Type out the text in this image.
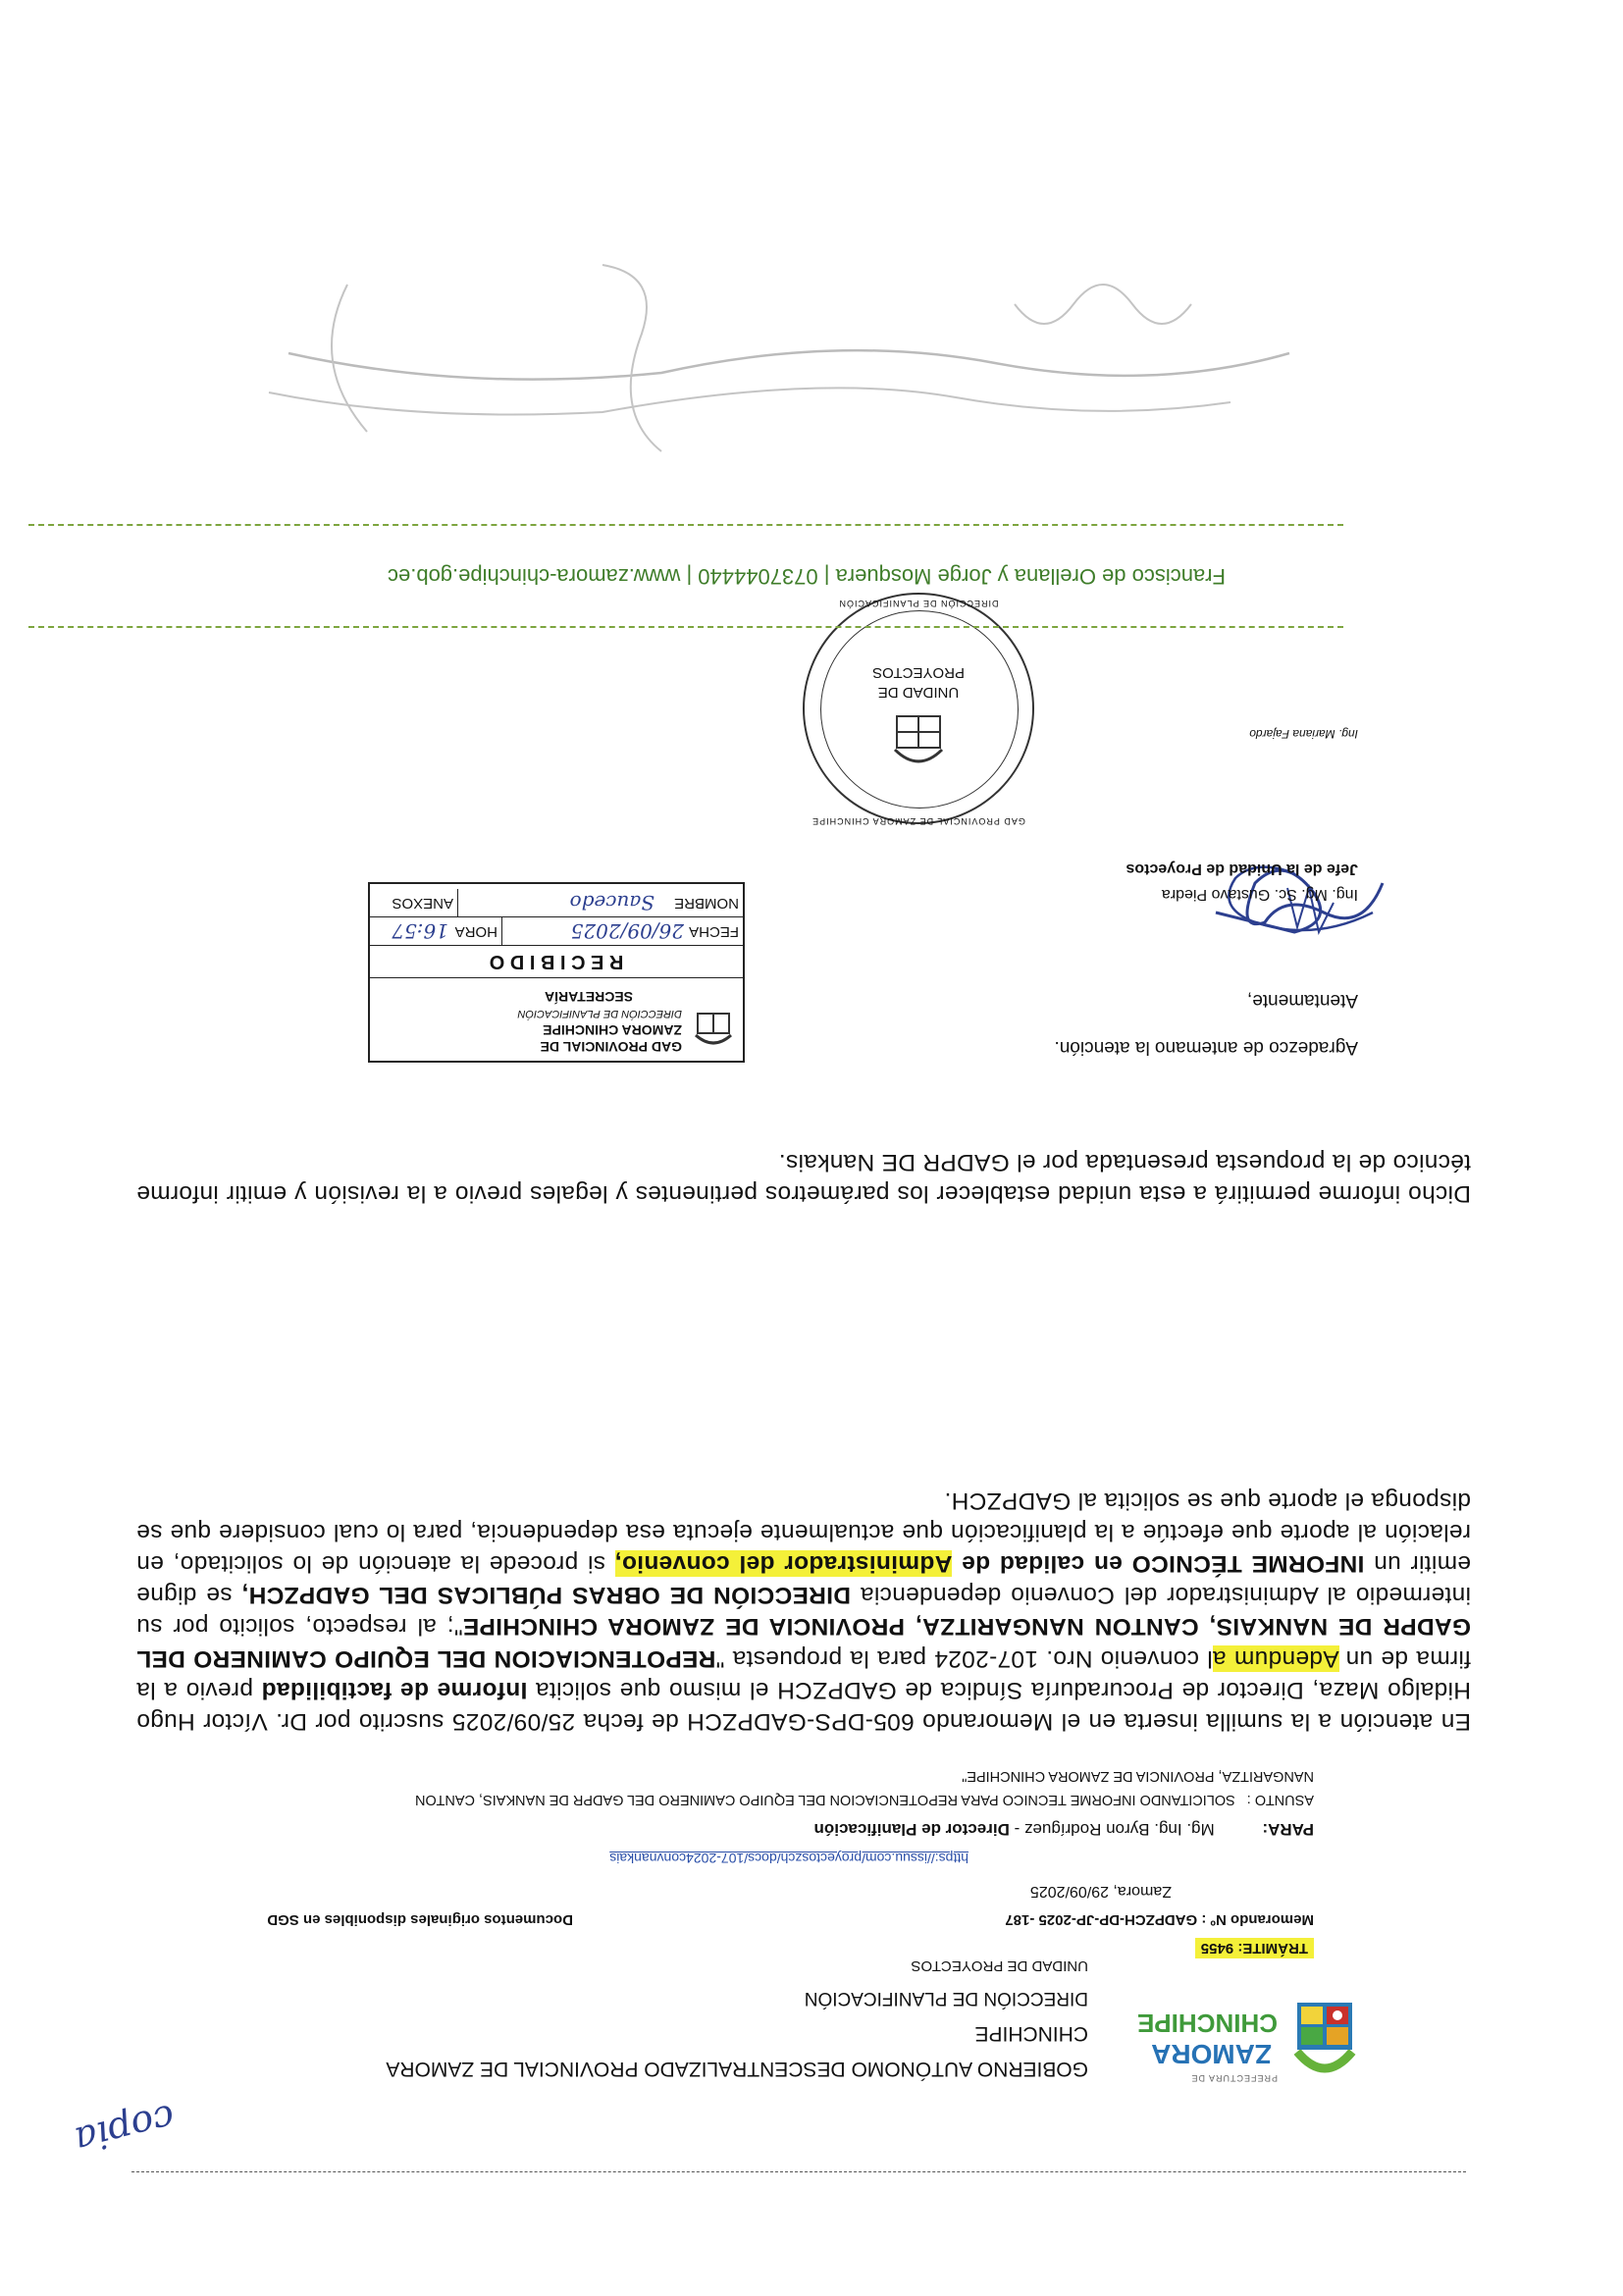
PREFECTURA DE
ZAMORA
CHINCHIPE
copia
GOBIERNO AUTÓNOMO DESCENTRALIZADO PROVINCIAL DE ZAMORA
CHINCHIPE
DIRECCIÓN DE PLANIFICACIÓN
UNIDAD DE PROYECTOS
TRÁMITE: 9455
Memorando Nº : GADPZCH-DP-JP-2025 -187
Documentos originales disponibles en SGD
Zamora, 29/09/2025
https://issuu.com/proyectoszch/docs/107-2024convnankais
PARA: Mg. Ing. Byron Rodríguez - Director de Planificación
ASUNTO :SOLICITANDO INFORME TECNICO PARA REPOTENCIACION DEL EQUIPO CAMINERO DEL GADPR DE NANKAIS, CANTON
NANGARITZA, PROVINCIA DE ZAMORA CHINCHIPE"
En atención a la sumilla inserta en el Memorando 605-DPS-GADPZCH de fecha 25/09/2025 suscrito por Dr. Víctor Hugo Hidalgo Maza, Director de Procuraduría Síndica de GADPZCH el mismo que solicita Informe de factibilidad previo a la firma de un Adendum al convenio Nro. 107-2024 para la propuesta "REPOTENCIACION DEL EQUIPO CAMINERO DEL GADPR DE NANKAIS, CANTON NANGARITZA, PROVINCIA DE ZAMORA CHINCHIPE"; al respecto, solicito por su intermedio al Administrador del Convenio dependencia DIRECCIÓN DE OBRAS PÚBLICAS DEL GADPZCH, se digne emitir un INFORME TÉCNICO en calidad de Administrador del convenio, si procede la atención de lo solicitado, en relación al aporte que efectúe a la planificación que actualmente ejecuta esa dependencia, para lo cual considere que se disponga el aporte que se solicita al GADPZCH.
Dicho informe permitirá a esta unidad establecer los parámetros pertinentes y legales previo a la revisión y emitir informe técnico de la propuesta presentada por el GADPR DE Nankais.
Agradezco de antemano la atención.
Atentamente,
Ing. Mg. Sc. Gustavo Piedra
Jefe de la Unidad de Proyectos
Ing. Mariana Fajardo
GAD PROVINCIAL DE ZAMORA CHINCHIPE
DIRECCIÓN DE PLANIFICACIÓN
UNIDAD DE
PROYECTOS
GAD PROVINCIAL DE
ZAMORA CHINCHIPE
DIRECCIÓN DE PLANIFICACIÓN
SECRETARÍA
R E C I B I D O
FECHA
26/09/2025
HORA
16:57
NOMBRE
Saucedo
ANEXOS
Francisco de Orellana y Jorge Mosquera | 0737044440 | www.zamora-chinchipe.gob.ec
